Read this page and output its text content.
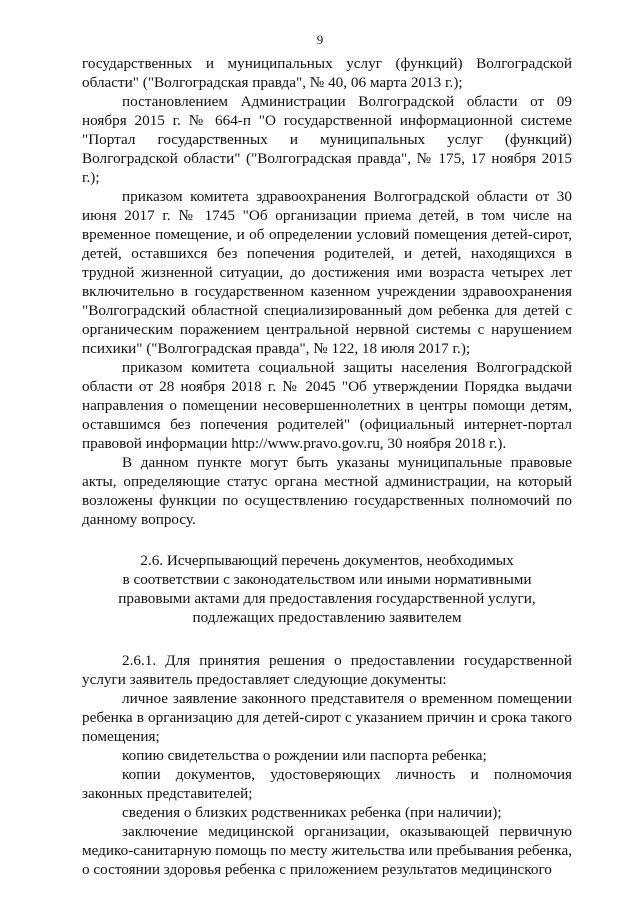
9

государственных и муниципальных услуг (функций) Волгоградской области" ("Волгоградская правда", № 40, 06 марта 2013 г.);

постановлением Администрации Волгоградской области от 09 ноября 2015 г. № 664-п "О государственной информационной системе "Портал государственных и муниципальных услуг (функций) Волгоградской области" ("Волгоградская правда", № 175, 17 ноября 2015 г.);

приказом комитета здравоохранения Волгоградской области от 30 июня 2017 г. № 1745 "Об организации приема детей, в том числе на временное помещение, и об определении условий помещения детей-сирот, детей, оставшихся без попечения родителей, и детей, находящихся в трудной жизненной ситуации, до достижения ими возраста четырех лет включительно в государственном казенном учреждении здравоохранения "Волгоградский областной специализированный дом ребенка для детей с органическим поражением центральной нервной системы с нарушением психики" ("Волгоградская правда", № 122, 18 июля 2017 г.);

приказом комитета социальной защиты населения Волгоградской области от 28 ноября 2018 г. № 2045 "Об утверждении Порядка выдачи направления о помещении несовершеннолетних в центры помощи детям, оставшимся без попечения родителей" (официальный интернет-портал правовой информации http://www.pravo.gov.ru, 30 ноября 2018 г.).

В данном пункте могут быть указаны муниципальные правовые акты, определяющие статус органа местной администрации, на который возложены функции по осуществлению государственных полномочий по данному вопросу.

2.6. Исчерпывающий перечень документов, необходимых
в соответствии с законодательством или иными нормативными
правовыми актами для предоставления государственной услуги,
подлежащих предоставлению заявителем

2.6.1. Для принятия решения о предоставлении государственной услуги заявитель предоставляет следующие документы:

личное заявление законного представителя о временном помещении ребенка в организацию для детей-сирот с указанием причин и срока такого помещения;

копию свидетельства о рождении или паспорта ребенка;

копии документов, удостоверяющих личность и полномочия законных представителей;

сведения о близких родственниках ребенка (при наличии);

заключение медицинской организации, оказывающей первичную медико-санитарную помощь по месту жительства или пребывания ребенка, о состоянии здоровья ребенка с приложением результатов медицинского
